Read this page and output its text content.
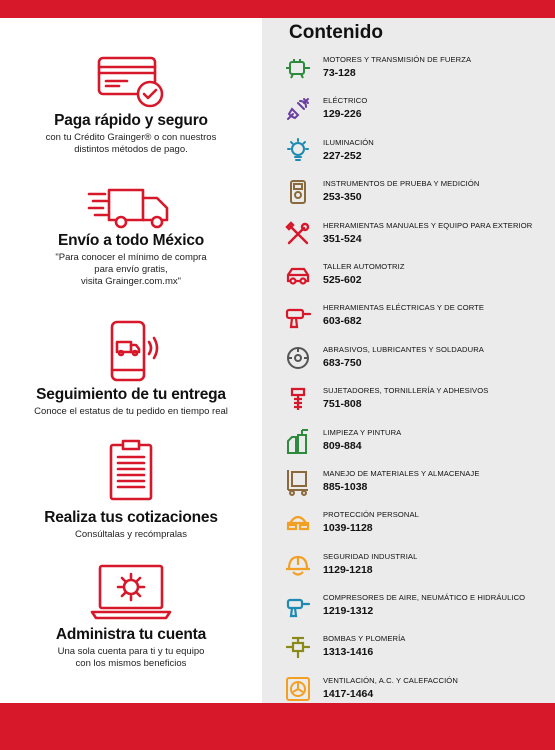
Paga rápido y seguro

con tu Crédito Grainger® o con nuestros
distintos métodos de pago.

Envío a todo México

"Para conocer el mínimo de compra
para envío gratis,
visita Grainger.com.mx"

Seguimiento de tu entrega

Conoce el estatus de tu pedido en tiempo real

Realiza tus cotizaciones

Consúltalas y recómpralas

Administra tu cuenta

Una sola cuenta para ti y tu equipo
con los mismos beneficios

Contenido
MOTORES Y TRANSMISIÓN DE FUERZA
73-128
ELÉCTRICO
129-226
ILUMINACIÓN
227-252
INSTRUMENTOS DE PRUEBA Y MEDICIÓN
253-350
HERRAMIENTAS MANUALES Y EQUIPO PARA EXTERIOR
351-524
TALLER AUTOMOTRIZ
525-602
HERRAMIENTAS ELÉCTRICAS Y DE CORTE
603-682
ABRASIVOS, LUBRICANTES Y SOLDADURA
683-750
SUJETADORES, TORNILLERÍA Y ADHESIVOS
751-808
LIMPIEZA Y PINTURA
809-884
MANEJO DE MATERIALES Y ALMACENAJE
885-1038
PROTECCIÓN PERSONAL
1039-1128
SEGURIDAD INDUSTRIAL
1129-1218
COMPRESORES DE AIRE, NEUMÁTICO E HIDRÁULICO
1219-1312
BOMBAS Y PLOMERÍA
1313-1416
VENTILACIÓN, A.C. Y CALEFACCIÓN
1417-1464
